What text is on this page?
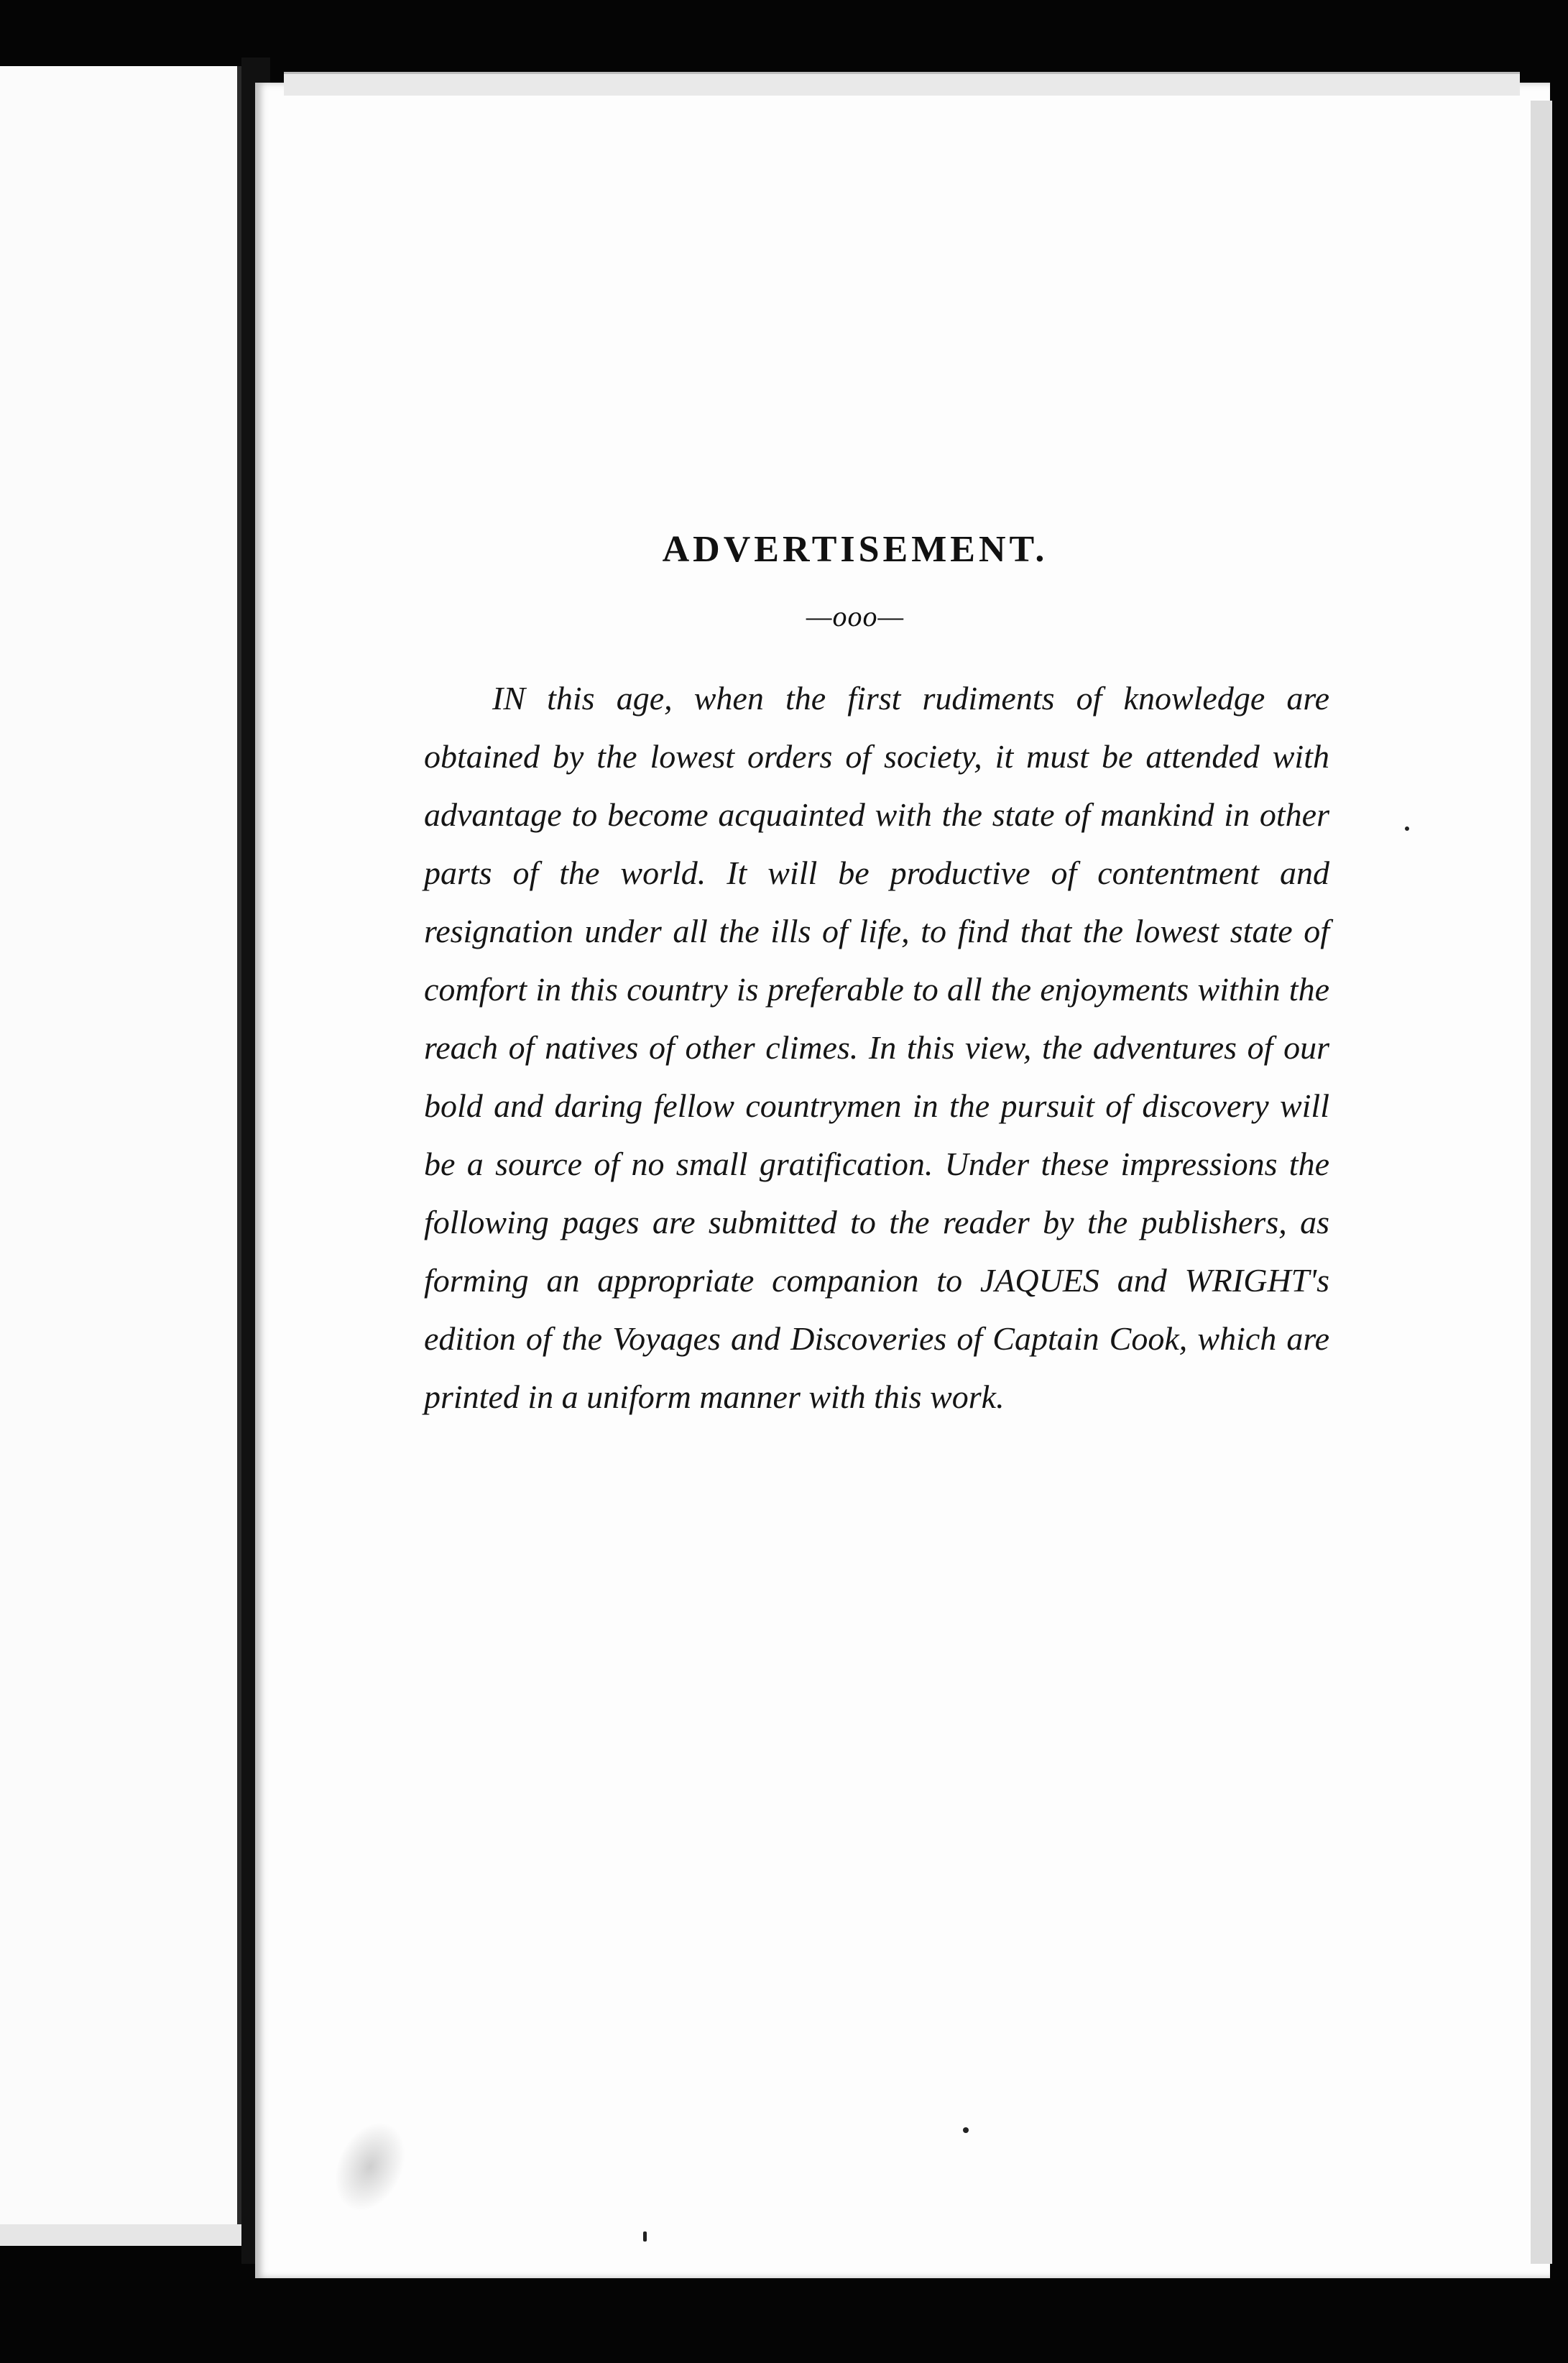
ADVERTISEMENT.
—ooo—

IN this age, when the first rudiments of knowledge are obtained by the lowest orders of society, it must be attended with advantage to become acquainted with the state of mankind in other parts of the world. It will be productive of contentment and resignation under all the ills of life, to find that the lowest state of comfort in this country is preferable to all the enjoyments within the reach of natives of other climes. In this view, the adventures of our bold and daring fellow countrymen in the pursuit of discovery will be a source of no small gratification. Under these impressions the following pages are submitted to the reader by the publishers, as forming an appropriate companion to JAQUES and WRIGHT's edition of the Voyages and Discoveries of Captain Cook, which are printed in a uniform manner with this work.
